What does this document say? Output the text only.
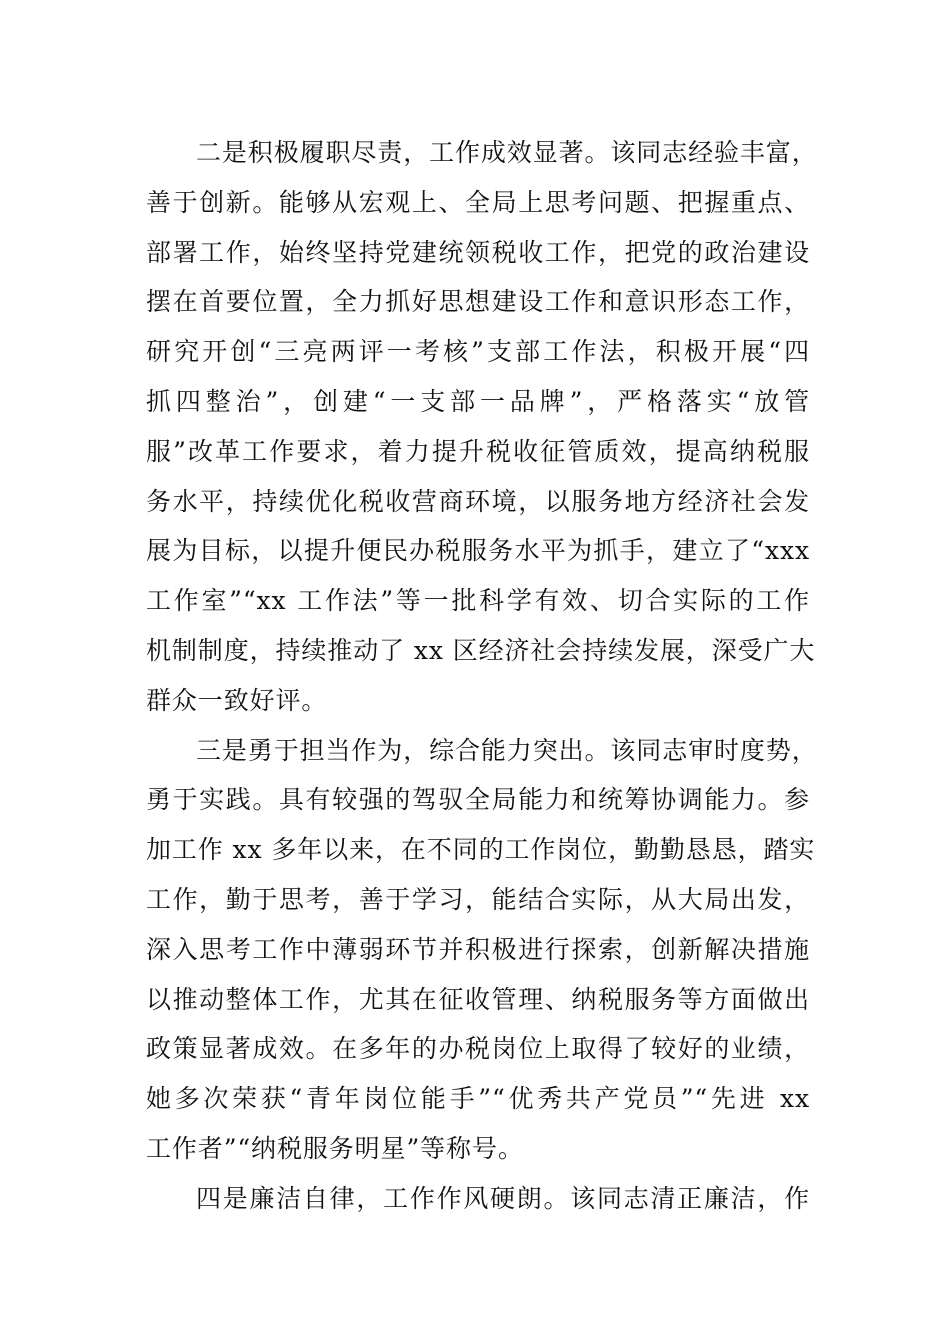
二是积极履职尽责，工作成效显著。该同志经验丰富，
善于创新。能够从宏观上、全局上思考问题、把握重点、
部署工作，始终坚持党建统领税收工作，把党的政治建设
摆在首要位置，全力抓好思想建设工作和意识形态工作，
研究开创“三亮两评一考核”支部工作法，积极开展“四
抓四整治”，创建“一支部一品牌”，严格落实“放管
服”改革工作要求，着力提升税收征管质效，提高纳税服
务水平，持续优化税收营商环境，以服务地方经济社会发
展为目标，以提升便民办税服务水平为抓手，建立了“xxx
工作室”“xx 工作法”等一批科学有效、切合实际的工作
机制制度，持续推动了 xx 区经济社会持续发展，深受广大
群众一致好评。
三是勇于担当作为，综合能力突出。该同志审时度势，
勇于实践。具有较强的驾驭全局能力和统筹协调能力。参
加工作 xx 多年以来，在不同的工作岗位，勤勤恳恳，踏实
工作，勤于思考，善于学习，能结合实际，从大局出发，
深入思考工作中薄弱环节并积极进行探索，创新解决措施
以推动整体工作，尤其在征收管理、纳税服务等方面做出
政策显著成效。在多年的办税岗位上取得了较好的业绩，
她多次荣获“青年岗位能手”“优秀共产党员”“先进 xx
工作者”“纳税服务明星”等称号。
四是廉洁自律，工作作风硬朗。该同志清正廉洁，作
